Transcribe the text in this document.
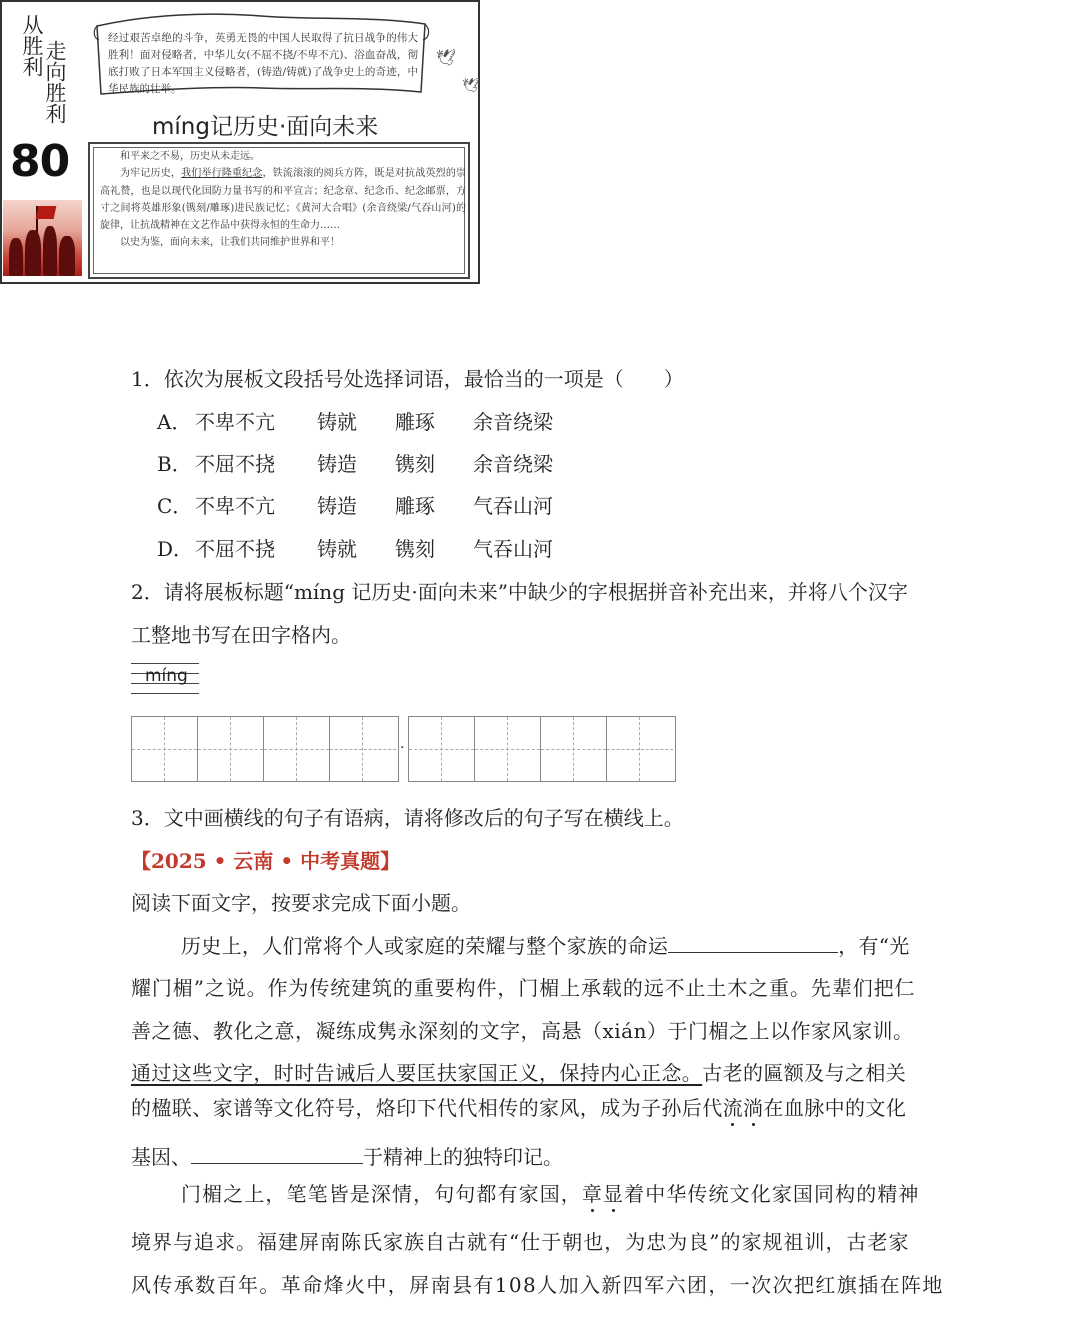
从胜利 走向胜利
80
经过艰苦卓绝的斗争，英勇无畏的中国人民取得了抗日战争的伟大胜利！面对侵略者，中华儿女(不屈不挠/不卑不亢)、浴血奋战，彻底打败了日本军国主义侵略者，(铸造/铸就)了战争史上的奇迹，中华民族的壮举。
🕊
🕊
míng记历史·面向未来

和平来之不易，历史从未走远。

为牢记历史，我们举行隆重纪念，铁流滚滚的阅兵方阵，既是对抗战英烈的崇高礼赞，也是以现代化国防力量书写的和平宣言；纪念章、纪念币、纪念邮票，方寸之间将英雄形象(镌刻/雕琢)进民族记忆；《黄河大合唱》(余音绕梁/气吞山河)的旋律，让抗战精神在文艺作品中获得永恒的生命力……

以史为鉴，面向未来，让我们共同维护世界和平！

1．依次为展板文段括号处选择词语，最恰当的一项是（　　）
A． 不卑不亢 铸就 雕琢 余音绕梁
B． 不屈不挠 铸造 镌刻 余音绕梁
C． 不卑不亢 铸造 雕琢 气吞山河
D． 不屈不挠 铸就 镌刻 气吞山河
2．请将展板标题“míng 记历史·面向未来”中缺少的字根据拼音补充出来，并将八个汉字
工整地书写在田字格内。
míng
·
3．文中画横线的句子有语病，请将修改后的句子写在横线上。
【2025 • 云南 • 中考真题】
阅读下面文字，按要求完成下面小题。
历史上，人们常将个人或家庭的荣耀与整个家族的命运	，有“光
耀门楣”之说。作为传统建筑的重要构件，门楣上承载的远不止土木之重。先辈们把仁
善之德、教化之意，凝练成隽永深刻的文字，高悬（xián）于门楣之上以作家风家训。
通过这些文字，时时告诫后人要匡扶家国正义，保持内心正念。古老的匾额及与之相关
的楹联、家谱等文化符号，烙印下代代相传的家风，成为子孙后代流淌在血脉中的文化
基因、	于精神上的独特印记。
门楣之上，笔笔皆是深情，句句都有家国，章显着中华传统文化家国同构的精神
境界与追求。福建屏南陈氏家族自古就有“仕于朝也，为忠为良”的家规祖训，古老家
风传承数百年。革命烽火中，屏南县有108人加入新四军六团，一次次把红旗插在阵地
